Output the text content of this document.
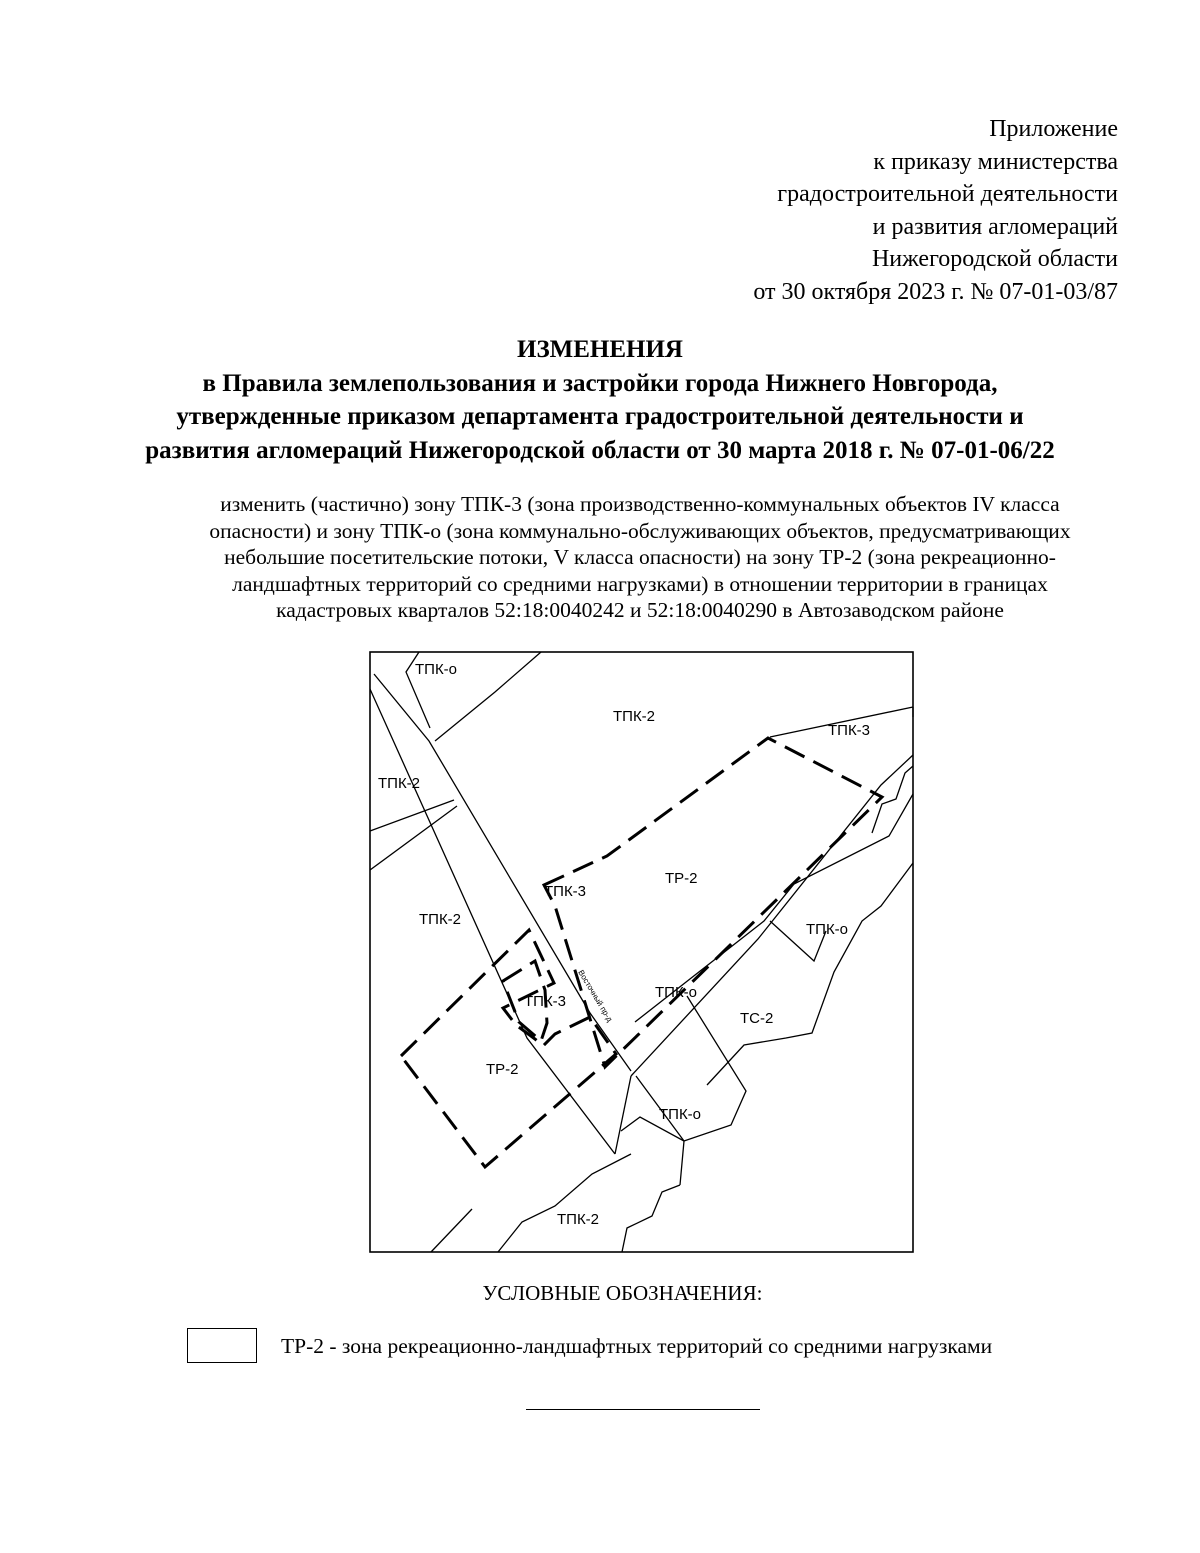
Приложение
к приказу министерства
градостроительной деятельности
и развития агломераций
Нижегородской области
от 30 октября 2023 г. № 07-01-03/87
ИЗМЕНЕНИЯ
в Правила землепользования и застройки города Нижнего Новгорода,
утвержденные приказом департамента градостроительной деятельности и
развития агломераций Нижегородской области от 30 марта 2018 г. № 07-01-06/22
изменить (частично) зону ТПК-3 (зона производственно-коммунальных объектов IV класса
опасности) и зону ТПК-о (зона коммунально-обслуживающих объектов, предусматривающих
небольшие посетительские потоки, V класса опасности) на зону ТР-2 (зона рекреационно-
ландшафтных территорий со средними нагрузками) в отношении территории в границах
кадастровых кварталов 52:18:0040242 и 52:18:0040290 в Автозаводском районе
ТПК-о
ТПК-2
ТПК-3
ТПК-2
ТПК-3
ТР-2
ТПК-2
ТПК-о
ТПК-3
ТПК-о
ТС-2
ТР-2
ТПК-о
ТПК-2
Восточный пр-д
УСЛОВНЫЕ ОБОЗНАЧЕНИЯ:
ТР-2 - зона рекреационно-ландшафтных территорий со средними нагрузками
